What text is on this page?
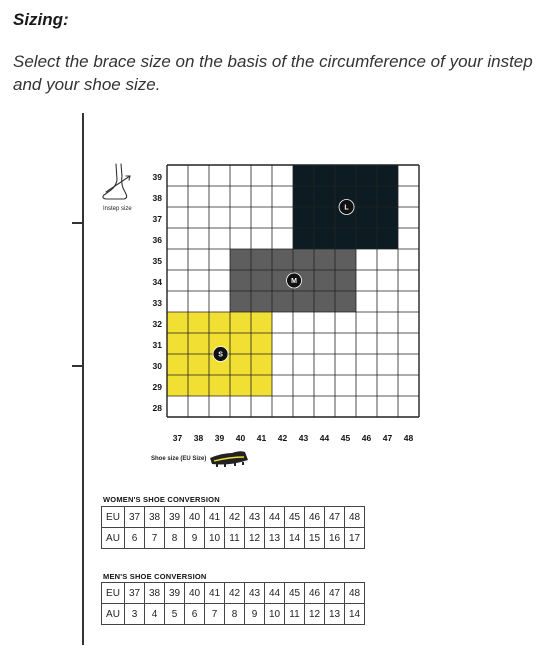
Sizing:

Select the brace size on the basis of the circumference of your instep and your shoe size.

S
M
L
39
38
37
36
35
34
33
32
31
30
29
28
37	38	39	40	41	42	43	44	45	46	47	48
Instep size
Shoe size (EU Size)
WOMEN'S SHOE CONVERSION
EU	37	38	39	40	41	42	43	44	45	46	47	48
AU	6	7	8	9	10	11	12	13	14	15	16	17
MEN'S SHOE CONVERSION
EU	37	38	39	40	41	42	43	44	45	46	47	48
AU	3	4	5	6	7	8	9	10	11	12	13	14
